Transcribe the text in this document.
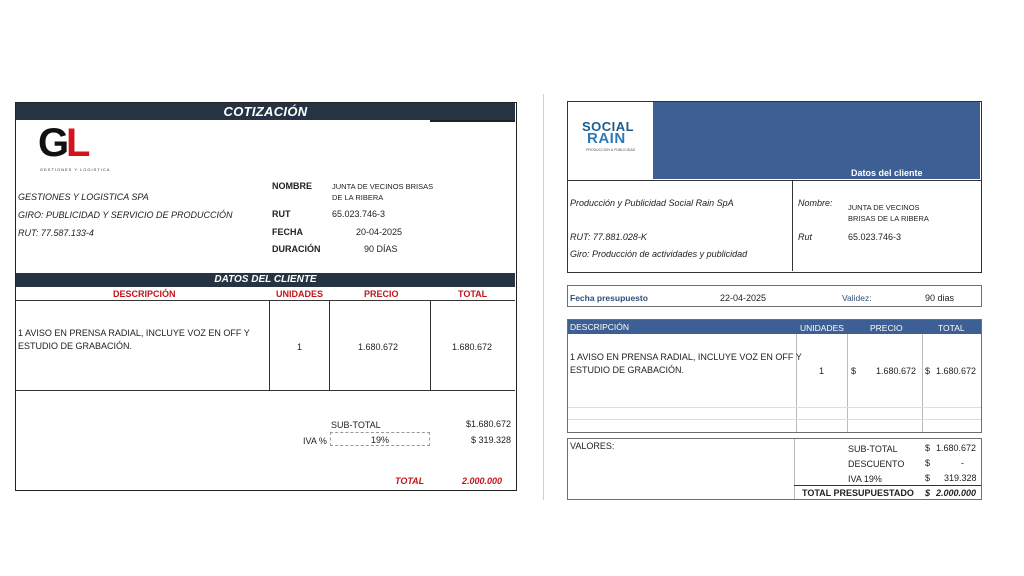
COTIZACIÓN
G
L
GESTIONES Y LOGISTICA
GESTIONES Y LOGISTICA SPA
GIRO: PUBLICIDAD Y SERVICIO DE PRODUCCIÓN
RUT: 77.587.133-4
NOMBRE	JUNTA DE VECINOS BRISAS
DE LA RIBERA
RUT	65.023.746-3
FECHA	20-04-2025
DURACIÓN	90 DÍAS
DATOS DEL CLIENTE
DESCRIPCIÓN	UNIDADES	PRECIO	TOTAL
1 AVISO EN PRENSA RADIAL, INCLUYE VOZ EN OFF Y
ESTUDIO DE GRABACIÓN.	1	1.680.672	1.680.672
SUB-TOTAL	$1.680.672
IVA %	19%	$ 319.328
TOTAL	2.000.000
SOCIAL
RAIN
PRODUCCIÓN & PUBLICIDAD
Datos del cliente
Producción y Publicidad Social Rain SpA
RUT: 77.881.028-K
Giro: Producción de actividades y publicidad
Nombre: JUNTA DE VECINOS
BRISAS DE LA RIBERA
Rut	65.023.746-3
Fecha presupuesto	22-04-2025	Validez:	90 dias
DESCRIPCIÓN	UNIDADES	PRECIO	TOTAL
1 AVISO EN PRENSA RADIAL, INCLUYE VOZ EN OFF Y
ESTUDIO DE GRABACIÓN.	1	$ 1.680.672 $ 1.680.672
VALORES:	SUB-TOTAL	$ 1.680.672
DESCUENTO $	-
IVA 19%	$ 319.328
TOTAL PRESUPUESTADO $ 2.000.000
